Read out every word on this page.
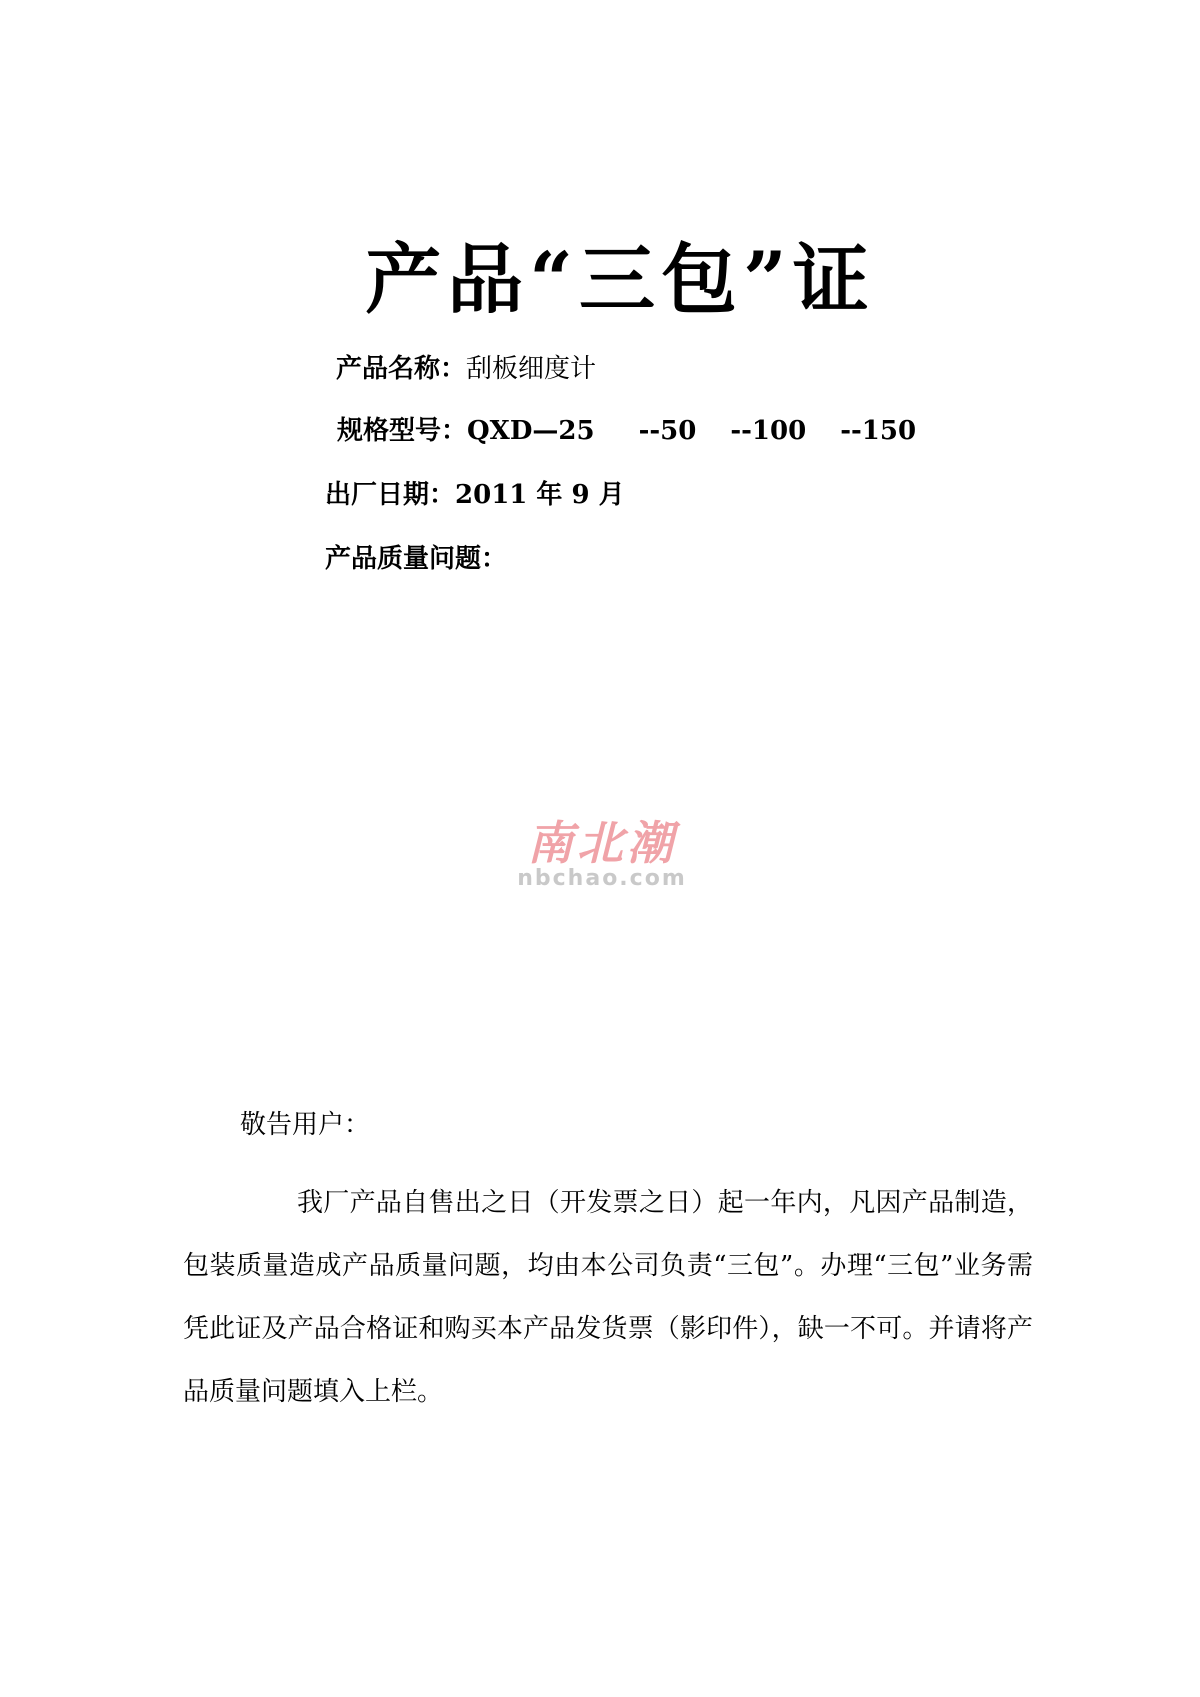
产品“三包”证
产品名称：刮板细度计
规格型号：QXD—25 --50 --100 --150
出厂日期：2011 年 9 月
产品质量问题：
南北潮
nbchao.com
敬告用户：
我厂产品自售出之日（开发票之日）起一年内，凡因产品制造，包装质量造成产品质量问题，均由本公司负责“三包”。办理“三包”业务需凭此证及产品合格证和购买本产品发货票（影印件），缺一不可。并请将产品质量问题填入上栏。
